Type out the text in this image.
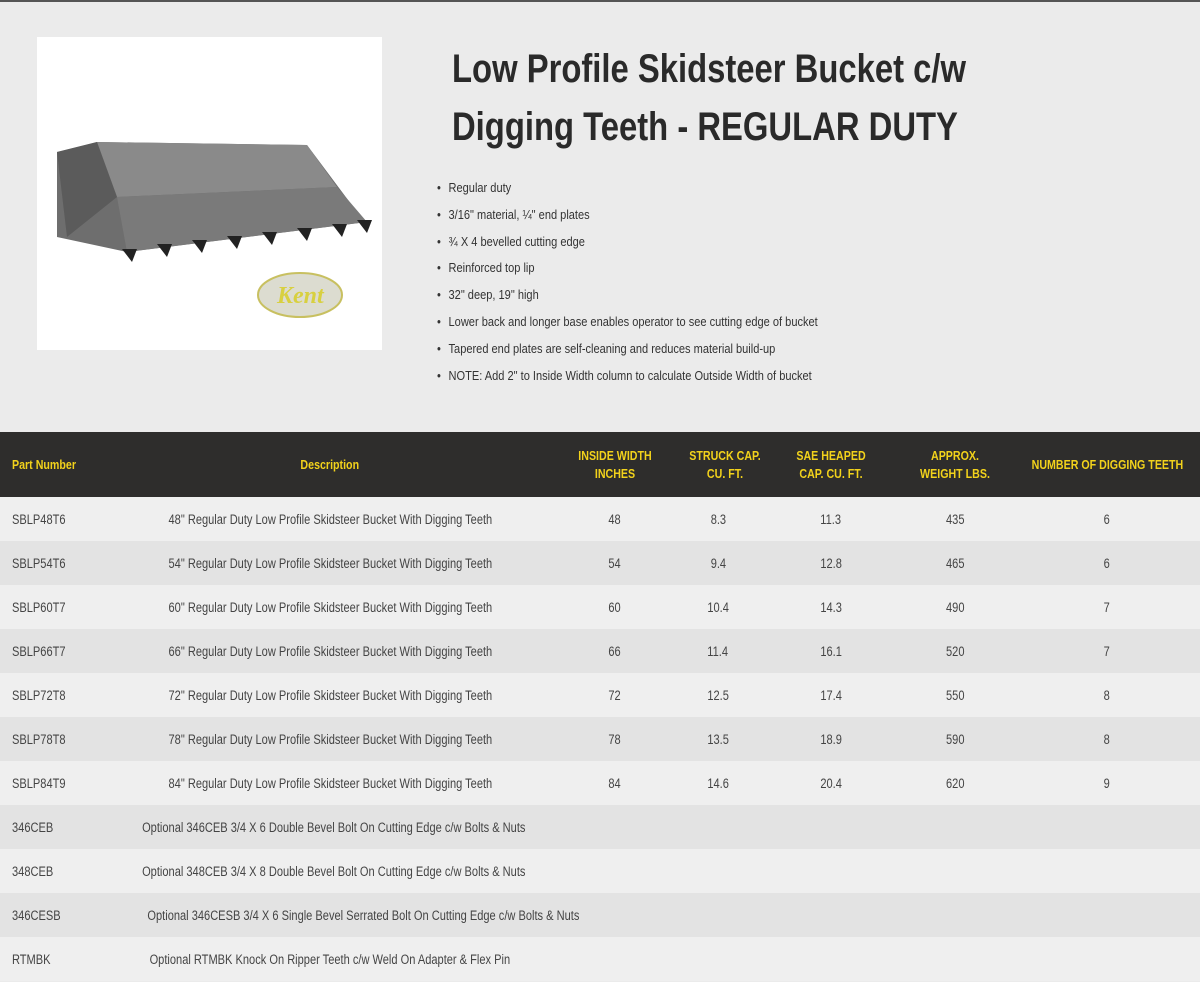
Kent
Low Profile Skidsteer Bucket c/w
Digging Teeth - REGULAR DUTY
• Regular duty
• 3/16" material, ¼" end plates
• ¾ X 4 bevelled cutting edge
• Reinforced top lip
• 32" deep, 19" high
• Lower back and longer base enables operator to see cutting edge of bucket
• Tapered end plates are self-cleaning and reduces material build-up
• NOTE: Add 2" to Inside Width column to calculate Outside Width of bucket
Part Number	Description	INSIDE WIDTH INCHES	STRUCK CAP. CU. FT.	SAE HEAPED CAP. CU. FT.	APPROX. WEIGHT LBS.	NUMBER OF DIGGING TEETH
SBLP48T6	48" Regular Duty Low Profile Skidsteer Bucket With Digging Teeth	48	8.3	11.3	435	6
SBLP54T6	54" Regular Duty Low Profile Skidsteer Bucket With Digging Teeth	54	9.4	12.8	465	6
SBLP60T7	60" Regular Duty Low Profile Skidsteer Bucket With Digging Teeth	60	10.4	14.3	490	7
SBLP66T7	66" Regular Duty Low Profile Skidsteer Bucket With Digging Teeth	66	11.4	16.1	520	7
SBLP72T8	72" Regular Duty Low Profile Skidsteer Bucket With Digging Teeth	72	12.5	17.4	550	8
SBLP78T8	78" Regular Duty Low Profile Skidsteer Bucket With Digging Teeth	78	13.5	18.9	590	8
SBLP84T9	84" Regular Duty Low Profile Skidsteer Bucket With Digging Teeth	84	14.6	20.4	620	9
346CEB	Optional 346CEB 3/4 X 6 Double Bevel Bolt On Cutting Edge c/w Bolts & Nuts					
348CEB	Optional 348CEB 3/4 X 8 Double Bevel Bolt On Cutting Edge c/w Bolts & Nuts					
346CESB	Optional 346CESB 3/4 X 6 Single Bevel Serrated Bolt On Cutting Edge c/w Bolts & Nuts					
RTMBK	Optional RTMBK Knock On Ripper Teeth c/w Weld On Adapter & Flex Pin					
